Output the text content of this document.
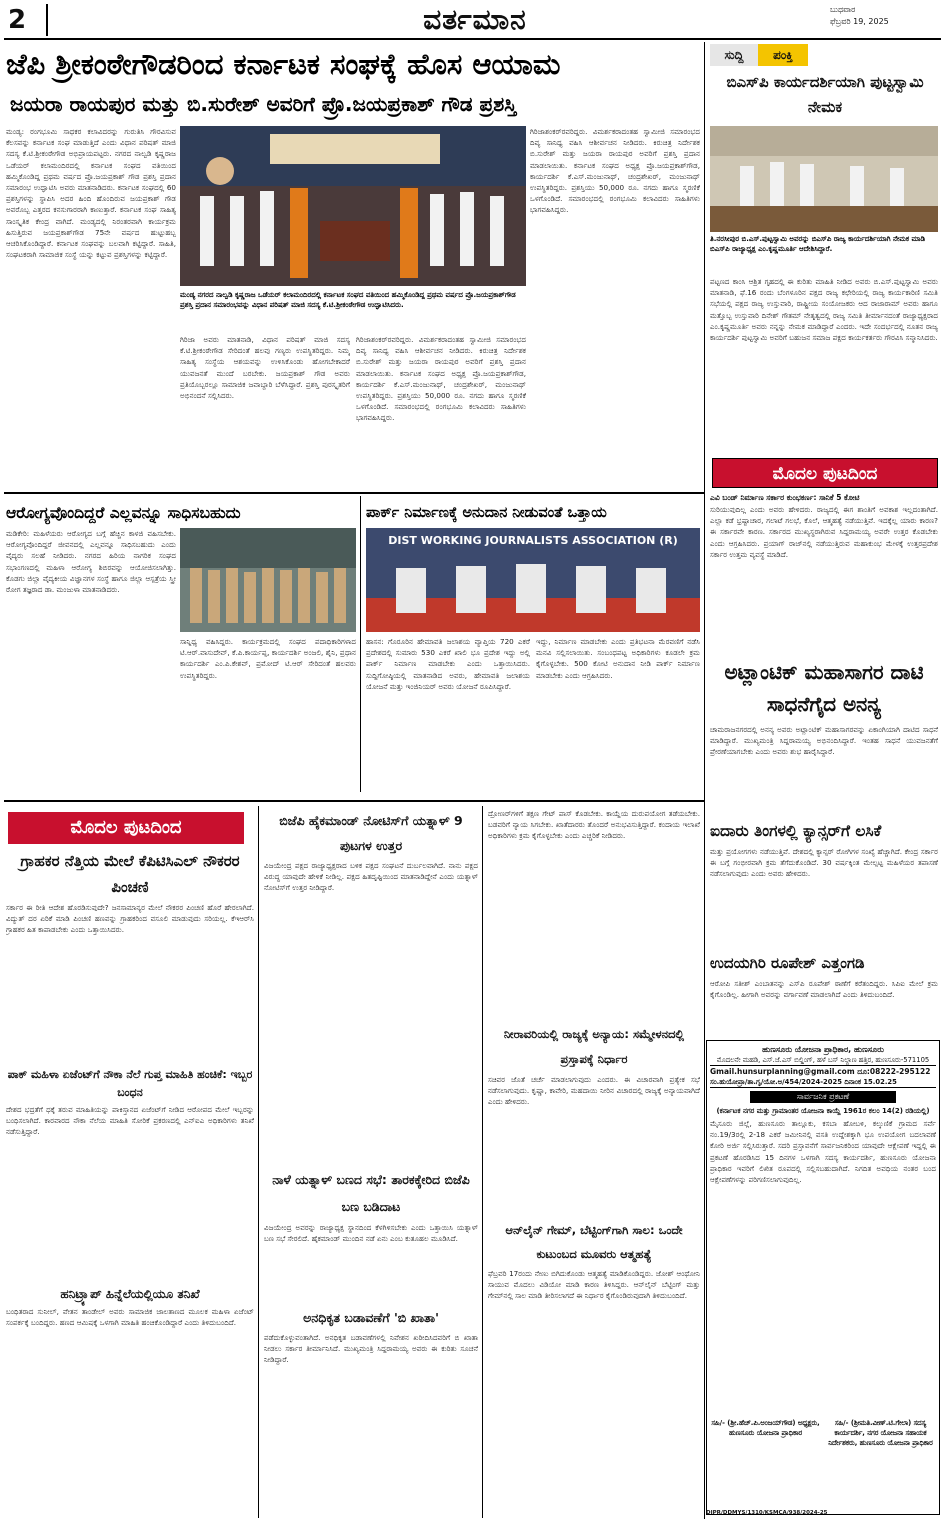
2	ವರ್ತಮಾನ	ಬುಧವಾರ
ಫೆಬ್ರವರಿ 19, 2025
ಜೆಪಿ ಶ್ರೀಕಂಠೇಗೌಡರಿಂದ ಕರ್ನಾಟಕ ಸಂಘಕ್ಕೆ ಹೊಸ ಆಯಾಮ
ಜಯರಾ ರಾಯಪುರ ಮತ್ತು ಬಿ.ಸುರೇಶ್ ಅವರಿಗೆ ಪ್ರೊ.ಜಯಪ್ರಕಾಶ್ ಗೌಡ ಪ್ರಶಸ್ತಿ
ಮಂಡ್ಯ: ರಂಗಭೂಮಿ ಸಾಧಕರ ಕಲಾವಿದರನ್ನು ಗುರುತಿಸಿ ಗೌರವಿಸುವ ಕೆಲಸವನ್ನು ಕರ್ನಾಟಕ ಸಂಘ ಮಾಡುತ್ತಿದೆ ಎಂದು ವಿಧಾನ ಪರಿಷತ್ ಮಾಜಿ ಸದಸ್ಯ ಕೆ.ಟಿ.ಶ್ರೀಕಂಠೇಗೌಡ ಅಭಿಪ್ರಾಯಪಟ್ಟರು. ನಗರದ ನಾಲ್ವಡಿ ಕೃಷ್ಣರಾಜ ಒಡೆಯರ್ ಕಲಾಮಂದಿರದಲ್ಲಿ ಕರ್ನಾಟಕ ಸಂಘದ ವತಿಯಿಂದ ಹಮ್ಮಿಕೊಂಡಿದ್ದ ಪ್ರಥಮ ವರ್ಷದ ಪ್ರೊ.ಜಯಪ್ರಕಾಶ್ ಗೌಡ ಪ್ರಶಸ್ತಿ ಪ್ರದಾನ ಸಮಾರಂಭ ಉದ್ಘಾಟಿಸಿ ಅವರು ಮಾತನಾಡಿದರು. ಕರ್ನಾಟಕ ಸಂಘದಲ್ಲಿ 60 ಪ್ರಶಸ್ತಿಗಳನ್ನು ಸ್ಥಾಪಿಸಿ ಅದರ ಹಿಂದಿ ಹೊಂದಿರುವ ಜಯಪ್ರಕಾಶ್ ಗೌಡ ಅವರೊಬ್ಬ ಎತ್ತರದ ಕನಸುಗಾರರಾಗಿ ಕಾಣುತ್ತಾರೆ. ಕರ್ನಾಟಕ ಸಂಘ ಸಾಹಿತ್ಯ ಸಾಂಸ್ಕೃತಿಕ ಕೇಂದ್ರ ವಾಗಿದೆ. ಮಂಡ್ಯದಲ್ಲಿ ನಿರಂತರವಾಗಿ ಕಾರ್ಯಕ್ರಮ ಹಿಸುತ್ತಿರುವ ಜಯಪ್ರಕಾಶ್‌ಗೌಡ 75ನೇ ವರ್ಷದ ಹುಟ್ಟುಹಬ್ಬ ಆಚರಿಸಿಕೊಂಡಿದ್ದಾರೆ. ಕರ್ನಾಟಕ ಸಂಘವನ್ನು ಬಲವಾಗಿ ಕಟ್ಟಿದ್ದಾರೆ. ಸಾಹಿತಿ, ಸಂಘಟಕರಾಗಿ ಸಾಮಾಜಿಕ ಸಂಸ್ಥೆ ಯನ್ನು ಕಟ್ಟುವ ಪ್ರಶಸ್ತಿಗಳನ್ನು ಕಟ್ಟಿದ್ದಾರೆ.
ಮಂಡ್ಯ ನಗರದ ನಾಲ್ವಡಿ ಕೃಷ್ಣರಾಜ ಒಡೆಯರ್ ಕಲಾಮಂದಿರದಲ್ಲಿ ಕರ್ನಾಟಕ ಸಂಘದ ವತಿಯಿಂದ ಹಮ್ಮಿಕೊಂಡಿದ್ದ ಪ್ರಥಮ ವರ್ಷದ ಪ್ರೊ.ಜಯಪ್ರಕಾಶ್‌ಗೌಡ ಪ್ರಶಸ್ತಿ ಪ್ರದಾನ ಸಮಾರಂಭವನ್ನು ವಿಧಾನ ಪರಿಷತ್ ಮಾಜಿ ಸದಸ್ಯ ಕೆ.ಟಿ.ಶ್ರೀಕಂಠೇಗೌಡ ಉದ್ಘಾಟಿಸಿದರು.
ಗಿರಿಜಾ ಅವರು ಮಾತನಾಡಿ, ವಿಧಾನ ಪರಿಷತ್ ಮಾಜಿ ಸದಸ್ಯ ಕೆ.ಟಿ.ಶ್ರೀಕಂಠೇಗೌಡ ಸೇರಿದಂತೆ ಹಲವು ಗಣ್ಯರು ಉಪಸ್ಥಿತರಿದ್ದರು. ನಿಮ್ಮ ಸಾಹಿತ್ಯ ಸಂಸ್ಥೆಯ ಆಶಯವನ್ನು ಉಳಿಸಿಕೊಂಡು ಹೋಗಬೇಕಾದರೆ ಯುವಜನತೆ ಮುಂದೆ ಬರಬೇಕು. ಜಯಪ್ರಕಾಶ್ ಗೌಡ ಅವರು ಪ್ರತಿಯೊಬ್ಬರಲ್ಲೂ ಸಾಮಾಜಿಕ ಜವಾಬ್ದಾರಿ ಬೆಳೆಸಿದ್ದಾರೆ. ಪ್ರಶಸ್ತಿ ಪುರಸ್ಕೃತರಿಗೆ ಅಭಿನಂದನೆ ಸಲ್ಲಿಸಿದರು.
ಗಿರಿಜಾಶಂಕರ್‌ರವರಿದ್ದರು. ವಿಮರ್ಶಕರಾದಂತಹ ಸ್ವಾಮೀಜಿ ಸಮಾರಂಭದ ದಿವ್ಯ ಸಾನಿಧ್ಯ ವಹಿಸಿ ಆಶೀರ್ವಚನ ನೀಡಿದರು. ಕಿರುಚಿತ್ರ ನಿರ್ದೇಶಕ ಬಿ.ಸುರೇಶ್ ಮತ್ತು ಜಯರಾ ರಾಯಪುರ ಅವರಿಗೆ ಪ್ರಶಸ್ತಿ ಪ್ರದಾನ ಮಾಡಲಾಯಿತು. ಕರ್ನಾಟಕ ಸಂಘದ ಅಧ್ಯಕ್ಷ ಪ್ರೊ.ಜಯಪ್ರಕಾಶ್‌ಗೌಡ, ಕಾರ್ಯದರ್ಶಿ ಕೆ.ಎಸ್.ಮಂಜುನಾಥ್, ಚಂದ್ರಶೇಖರ್, ಮಂಜುನಾಥ್ ಉಪಸ್ಥಿತರಿದ್ದರು. ಪ್ರಶಸ್ತಿಯು 50,000 ರೂ. ನಗದು ಹಾಗೂ ಸ್ಮರಣಿಕೆ ಒಳಗೊಂಡಿದೆ. ಸಮಾರಂಭದಲ್ಲಿ ರಂಗಭೂಮಿ ಕಲಾವಿದರು ಸಾಹಿತಿಗಳು ಭಾಗವಹಿಸಿದ್ದರು.
ಗಿರಿಜಾಶಂಕರ್‌ರವರಿದ್ದರು. ವಿಮರ್ಶಕರಾದಂತಹ ಸ್ವಾಮೀಜಿ ಸಮಾರಂಭದ ದಿವ್ಯ ಸಾನಿಧ್ಯ ವಹಿಸಿ ಆಶೀರ್ವಚನ ನೀಡಿದರು. ಕಿರುಚಿತ್ರ ನಿರ್ದೇಶಕ ಬಿ.ಸುರೇಶ್ ಮತ್ತು ಜಯರಾ ರಾಯಪುರ ಅವರಿಗೆ ಪ್ರಶಸ್ತಿ ಪ್ರದಾನ ಮಾಡಲಾಯಿತು. ಕರ್ನಾಟಕ ಸಂಘದ ಅಧ್ಯಕ್ಷ ಪ್ರೊ.ಜಯಪ್ರಕಾಶ್‌ಗೌಡ, ಕಾರ್ಯದರ್ಶಿ ಕೆ.ಎಸ್.ಮಂಜುನಾಥ್, ಚಂದ್ರಶೇಖರ್, ಮಂಜುನಾಥ್ ಉಪಸ್ಥಿತರಿದ್ದರು. ಪ್ರಶಸ್ತಿಯು 50,000 ರೂ. ನಗದು ಹಾಗೂ ಸ್ಮರಣಿಕೆ ಒಳಗೊಂಡಿದೆ. ಸಮಾರಂಭದಲ್ಲಿ ರಂಗಭೂಮಿ ಕಲಾವಿದರು ಸಾಹಿತಿಗಳು ಭಾಗವಹಿಸಿದ್ದರು.
ಸುದ್ದಿ	ಪಂಕ್ತಿ
ಬಿಎಸ್‌ಪಿ ಕಾರ್ಯದರ್ಶಿಯಾಗಿ ಪುಟ್ಟಸ್ವಾಮಿ ನೇಮಕ
ತಿ.ನರಸೀಪುರ ಬಿ.ಎಸ್.ಪುಟ್ಟಸ್ವಾಮಿ ಅವರನ್ನು ಬಿಎಸ್‌ಪಿ ರಾಜ್ಯ ಕಾರ್ಯದರ್ಶಿಯಾಗಿ ನೇಮಕ ಮಾಡಿ ಬಿಎಸ್‌ಪಿ ರಾಜ್ಯಾಧ್ಯಕ್ಷ ಎಂ.ಕೃಷ್ಣಮೂರ್ತಿ ಆದೇಶಿಸಿದ್ದಾರೆ.
ಪಟ್ಟಣದ ಕಾಂಸಿ ಆಶ್ರಿತ ಗೃಹದಲ್ಲಿ ಈ ಕುರಿತು ಮಾಹಿತಿ ನೀಡಿದ ಅವರು ಬಿ.ಎಸ್.ಪುಟ್ಟಸ್ವಾಮಿ ಅವರು ಮಾತನಾಡಿ, ಫೆ.16 ರಂದು ಬೆಂಗಳೂರಿನ ಪಕ್ಷದ ರಾಜ್ಯ ಕಛೇರಿಯಲ್ಲಿ ರಾಜ್ಯ ಕಾರ್ಯಕಾರಿಣಿ ಸಮಿತಿ ಸಭೆಯಲ್ಲಿ ಪಕ್ಷದ ರಾಜ್ಯ ಉಸ್ತುವಾರಿ, ರಾಷ್ಟ್ರೀಯ ಸಂಯೋಜಕರು ಆದ ರಾಜಾರಾಮ್ ಅವರು ಹಾಗೂ ಮತ್ತೊಬ್ಬ ಉಸ್ತುವಾರಿ ದಿನೇಶ್ ಗೌತಮ್ ನೇತೃತ್ವದಲ್ಲಿ ರಾಜ್ಯ ಸಮಿತಿ ತೀರ್ಮಾನದಂತೆ ರಾಜ್ಯಾಧ್ಯಕ್ಷರಾದ ಎಂ.ಕೃಷ್ಣಮೂರ್ತಿ ಅವರು ನನ್ನನ್ನು ನೇಮಕ ಮಾಡಿದ್ದಾರೆ ಎಂದರು. ಇದೇ ಸಂದರ್ಭದಲ್ಲಿ ನೂತನ ರಾಜ್ಯ ಕಾರ್ಯದರ್ಶಿ ಪುಟ್ಟಸ್ವಾಮಿ ಅವರಿಗೆ ಬಹುಜನ ಸಮಾಜ ಪಕ್ಷದ ಕಾರ್ಯಕರ್ತರು ಗೌರವಿಸಿ ಸನ್ಮಾನಿಸಿದರು.
ಮೊದಲ ಪುಟದಿಂದ
ಎವಿ ಬಂಡ್ ನಿರ್ಮಾಣ ಸರ್ಕಾರ ಕುಂಭಕರ್ಣ: ಸಾನಿಕೆ 5 ಕೋಟಿ
ಸುರಿಯುವುದಿಲ್ಲ ಎಂದು ಅವರು ಹೇಳಿದರು. ರಾಜ್ಯದಲ್ಲಿ ಈಗ ಶಾಂತಿಗೆ ಅವಕಾಶ ಇಲ್ಲದಂತಾಗಿದೆ. ಎಲ್ಲಾ ಕಡೆ ಭ್ರಷ್ಟಾಚಾರ, ಗಲಾಟೆ ಗಲಭೆ, ಕೊಲೆ, ಆತ್ಮಹತ್ಯೆ ನಡೆಯುತ್ತಿವೆ. ಇದಕ್ಕೆಲ್ಲ ಯಾರು ಕಾರಣ? ಈ ಸರ್ಕಾರವೇ ಕಾರಣ. ಸರ್ಕಾರದ ಮುಖ್ಯಸ್ಥರಾಗಿರುವ ಸಿದ್ದರಾಮಯ್ಯ ಅವರೇ ಉತ್ತರ ಕೊಡಬೇಕು ಎಂದು ಆಗ್ರಹಿಸಿದರು. ಪ್ರಯಾಗ್ ರಾಜ್‌ನಲ್ಲಿ ನಡೆಯುತ್ತಿರುವ ಮಹಾಕುಂಭ ಮೇಳಕ್ಕೆ ಉತ್ತರಪ್ರದೇಶ ಸರ್ಕಾರ ಉತ್ತಮ ವ್ಯವಸ್ಥೆ ಮಾಡಿದೆ.
ಅಟ್ಲಾಂಟಿಕ್ ಮಹಾಸಾಗರ ದಾಟಿ ಸಾಧನೆಗೈದ ಅನನ್ಯ
ಚಾಮರಾಜನಗರದಲ್ಲಿ ಅನನ್ಯ ಅವರು ಅಟ್ಲಾಂಟಿಕ್ ಮಹಾಸಾಗರವನ್ನು ಏಕಾಂಗಿಯಾಗಿ ದಾಟಿದ ಸಾಧನೆ ಮಾಡಿದ್ದಾರೆ. ಮುಖ್ಯಮಂತ್ರಿ ಸಿದ್ದರಾಮಯ್ಯ ಅಭಿನಂದಿಸಿದ್ದಾರೆ. ಇಂತಹ ಸಾಧನೆ ಯುವಜನತೆಗೆ ಪ್ರೇರಣೆಯಾಗಬೇಕು ಎಂದು ಅವರು ಶುಭ ಹಾರೈಸಿದ್ದಾರೆ.
ಐದಾರು ತಿಂಗಳಲ್ಲಿ ಕ್ಯಾನ್ಸರ್‌ಗೆ ಲಸಿಕೆ
ಮತ್ತು ಪ್ರಯೋಗಗಳು ನಡೆಯುತ್ತಿವೆ. ದೇಶದಲ್ಲಿ ಕ್ಯಾನ್ಸರ್ ರೋಗಿಗಳ ಸಂಖ್ಯೆ ಹೆಚ್ಚಾಗಿದೆ. ಕೇಂದ್ರ ಸರ್ಕಾರ ಈ ಬಗ್ಗೆ ಗಂಭೀರವಾಗಿ ಕ್ರಮ ತೆಗೆದುಕೊಂಡಿದೆ. 30 ವರ್ಷಕ್ಕಿಂತ ಮೇಲ್ಪಟ್ಟ ಮಹಿಳೆಯರ ತಪಾಸಣೆ ನಡೆಸಲಾಗುವುದು ಎಂದು ಅವರು ಹೇಳಿದರು.
ಉದಯಗಿರಿ ರೂಪೇಶ್ ಎತ್ತಂಗಡಿ
ಆರೋಪಿ ಸತೀಶ್ ಎಂಬಾತನನ್ನು ಎಸ್‌ಪಿ ರೂಪೇಶ್ ಠಾಣೆಗೆ ಕರೆತಂದಿದ್ದರು. ಸಿಪಿಐ ಮೇಲೆ ಕ್ರಮ ಕೈಗೊಂಡಿಲ್ಲ. ಹೀಗಾಗಿ ಅವರನ್ನು ವರ್ಗಾವಣೆ ಮಾಡಲಾಗಿದೆ ಎಂದು ತಿಳಿದುಬಂದಿದೆ.
ಹುಣಸೂರು ಯೋಜನಾ ಪ್ರಾಧಿಕಾರ, ಹುಣಸೂರು
ಮೊದಲನೇ ಮಹಡಿ, ಎಸ್.ಜೆ.ಎಸ್ ಬಿಲ್ಡಿಂಗ್, ಹಳೆ ಬಸ್ ನಿಲ್ದಾಣ ಹತ್ತಿರ, ಹುಣಸೂರು-571105
Gmail.hunsurplanning@gmail.com ದೂ:08222-295122
ಸಂ.ಹುಯೋಪ್ರಾ/ತಾ.ಗೃ/ಯೋ.ಅ/454/2024-2025 ದಿನಾಂಕ 15.02.25
ಸಾರ್ವಜನಿಕ ಪ್ರಕಟಣೆ
(ಕರ್ನಾಟಕ ನಗರ ಮತ್ತು ಗ್ರಾಮಾಂತರ ಯೋಜನಾ ಕಾಯ್ದೆ 1961ರ ಕಲಂ 14(2) ರಡಿಯಲ್ಲಿ)
ಮೈಸೂರು ಜಿಲ್ಲೆ, ಹುಣಸೂರು ತಾಲ್ಲೂಕು, ಕಸಬಾ ಹೋಬಳಿ, ಕಲ್ಕುಣಿಕೆ ಗ್ರಾಮದ ಸರ್ವೆ ನಂ.19/3ರಲ್ಲಿ 2-18 ಎಕರೆ ಜಮೀನಿನಲ್ಲಿ ವಸತಿ ಉದ್ದೇಶಕ್ಕಾಗಿ ಭೂ ಉಪಯೋಗ ಬದಲಾವಣೆ ಕೋರಿ ಅರ್ಜಿ ಸಲ್ಲಿಸಿರುತ್ತಾರೆ. ಸದರಿ ಪ್ರಸ್ತಾವನೆಗೆ ಸಾರ್ವಜನಿಕರಿಂದ ಯಾವುದೇ ಆಕ್ಷೇಪಣೆ ಇದ್ದಲ್ಲಿ ಈ ಪ್ರಕಟಣೆ ಹೊರಡಿಸಿದ 15 ದಿನಗಳ ಒಳಗಾಗಿ ಸದಸ್ಯ ಕಾರ್ಯದರ್ಶಿ, ಹುಣಸೂರು ಯೋಜನಾ ಪ್ರಾಧಿಕಾರ ಇವರಿಗೆ ಲಿಖಿತ ರೂಪದಲ್ಲಿ ಸಲ್ಲಿಸಬಹುದಾಗಿದೆ. ನಿಗದಿತ ಅವಧಿಯ ನಂತರ ಬಂದ ಆಕ್ಷೇಪಣೆಗಳನ್ನು ಪರಿಗಣಿಸಲಾಗುವುದಿಲ್ಲ.
ಸಹಿ/- (ಶ್ರೀ.ಹೆಚ್.ಪಿ.ಅಂಜಯ್‌ಗೌಡ) ಅಧ್ಯಕ್ಷರು, ಹುಣಸೂರು ಯೋಜನಾ ಪ್ರಾಧಿಕಾರ
ಸಹಿ/- (ಶ್ರೀಮತಿ.ವೀಣ್.ಟಿ.ಗೇಲಾ) ಸದಸ್ಯ ಕಾರ್ಯದರ್ಶಿ, ನಗರ ಯೋಜನಾ ಸಹಾಯಕ ನಿರ್ದೇಶಕರು, ಹುಣಸೂರು ಯೋಜನಾ ಪ್ರಾಧಿಕಾರ
DIPR/DDMYS/1310/KSMCA/938/2024-25
ಆರೋಗ್ಯವೊಂದಿದ್ದರೆ ಎಲ್ಲವನ್ನೂ ಸಾಧಿಸಬಹುದು
ಮಡಿಕೇರಿ: ಮಹಿಳೆಯರು ಆರೋಗ್ಯದ ಬಗ್ಗೆ ಹೆಚ್ಚಿನ ಕಾಳಜಿ ವಹಿಸಬೇಕು. ಆರೋಗ್ಯವೊಂದಿದ್ದರೆ ಜೀವನದಲ್ಲಿ ಎಲ್ಲವನ್ನೂ ಸಾಧಿಸಬಹುದು ಎಂದು ವೈದ್ಯರು ಸಲಹೆ ನೀಡಿದರು. ನಗರದ ಹಿರಿಯ ನಾಗರಿಕ ಸಂಘದ ಸಭಾಂಗಣದಲ್ಲಿ ಮಹಿಳಾ ಆರೋಗ್ಯ ಶಿಬಿರವನ್ನು ಆಯೋಜಿಸಲಾಗಿತ್ತು. ಕೊಡಗು ಜಿಲ್ಲಾ ವೈದ್ಯಕೀಯ ವಿಜ್ಞಾನಗಳ ಸಂಸ್ಥೆ ಹಾಗೂ ಜಿಲ್ಲಾ ಆಸ್ಪತ್ರೆಯ ಸ್ತ್ರೀ ರೋಗ ತಜ್ಞರಾದ ಡಾ. ಮಂಜುಳಾ ಮಾತನಾಡಿದರು.
ಸಾನ್ನಿಧ್ಯ ವಹಿಸಿದ್ದರು. ಕಾರ್ಯಕ್ರಮದಲ್ಲಿ ಸಂಘದ ಪದಾಧಿಕಾರಿಗಳಾದ ಟಿ.ಆರ್.ವಾಸುದೇವ್, ಕೆ.ಪಿ.ಕಾರ್ಯಪ್ಪ, ಕಾರ್ಯದರ್ಶಿ ಅಂಜಲಿ, ಶೈನಿ, ಪ್ರಧಾನ ಕಾರ್ಯದರ್ಶಿ ಎಂ.ಪಿ.ಕೇಶವ್, ಪ್ರಮೋದ್ ಟಿ.ಆರ್ ಸೇರಿದಂತೆ ಹಲವರು ಉಪಸ್ಥಿತರಿದ್ದರು.
ಪಾರ್ಕ್ ನಿರ್ಮಾಣಕ್ಕೆ ಅನುದಾನ ನೀಡುವಂತೆ ಒತ್ತಾಯ
DIST WORKING JOURNALISTS ASSOCIATION (R)
ಹಾಸನ: ಗೊರೂರಿನ ಹೇಮಾವತಿ ಜಲಾಶಯ ವ್ಯಾಪ್ತಿಯ 720 ಎಕರೆ ಪ್ರದೇಶದಲ್ಲಿ ಸುಮಾರು 530 ಎಕರೆ ಖಾಲಿ ಭೂ ಪ್ರದೇಶ ಇದ್ದು ಅಲ್ಲಿ ಪಾರ್ಕ್ ನಿರ್ಮಾಣ ಮಾಡಬೇಕು ಎಂದು ಒತ್ತಾಯಿಸಿದರು. ಸುದ್ದಿಗೋಷ್ಠಿಯಲ್ಲಿ ಮಾತನಾಡಿದ ಅವರು, ಹೇಮಾವತಿ ಜಲಾಶಯ ಯೋಜನೆ ಮತ್ತು ಇಂಜಿನಿಯರ್ ಅವರು ಯೋಜನೆ ರೂಪಿಸಿದ್ದಾರೆ.
ಇದ್ದು, ನಿರ್ಮಾಣ ಮಾಡಬೇಕು ಎಂದು ಪ್ರತಿಭಟನಾ ಮೆರವಣಿಗೆ ನಡೆಸಿ ಮನವಿ ಸಲ್ಲಿಸಲಾಯಿತು. ಸಂಬಂಧಪಟ್ಟ ಅಧಿಕಾರಿಗಳು ಕೂಡಲೇ ಕ್ರಮ ಕೈಗೊಳ್ಳಬೇಕು. 500 ಕೋಟಿ ಅನುದಾನ ನೀಡಿ ಪಾರ್ಕ್ ನಿರ್ಮಾಣ ಮಾಡಬೇಕು ಎಂದು ಆಗ್ರಹಿಸಿದರು.
ಮೊದಲ ಪುಟದಿಂದ
ಗ್ರಾಹಕರ ನೆತ್ತಿಯ ಮೇಲೆ ಕೆಪಿಟಿಸಿಎಲ್ ನೌಕರರ ಪಿಂಚಣಿ
ಸರ್ಕಾರ ಈ ರೀತಿ ಆದೇಶ ಹೊರಡಿಸುವುದೇ? ಜನಸಾಮಾನ್ಯರ ಮೇಲೆ ನೌಕರರ ಪಿಂಚಣಿ ಹೊರೆ ಹೇರಲಾಗಿದೆ. ವಿದ್ಯುತ್ ದರ ಏರಿಕೆ ಮಾಡಿ ಪಿಂಚಣಿ ಹಣವನ್ನು ಗ್ರಾಹಕರಿಂದ ವಸೂಲಿ ಮಾಡುವುದು ಸರಿಯಲ್ಲ. ಕೆಇಆರ್‌ಸಿ ಗ್ರಾಹಕರ ಹಿತ ಕಾಪಾಡಬೇಕು ಎಂದು ಒತ್ತಾಯಿಸಿದರು.
ಪಾಕ್ ಮಹಿಳಾ ಏಜೆಂಟ್‌ಗೆ ನೌಕಾ ನೆಲೆ ಗುಪ್ತ ಮಾಹಿತಿ ಹಂಚಿಕೆ: ಇಬ್ಬರ ಬಂಧನ
ದೇಶದ ಭದ್ರತೆಗೆ ಧಕ್ಕೆ ತರುವ ಮಾಹಿತಿಯನ್ನು ಪಾಕಿಸ್ತಾನದ ಏಜೆಂಟ್‌ಗೆ ನೀಡಿದ ಆರೋಪದ ಮೇಲೆ ಇಬ್ಬರನ್ನು ಬಂಧಿಸಲಾಗಿದೆ. ಕಾರವಾರದ ನೌಕಾ ನೆಲೆಯ ಮಾಹಿತಿ ಸೋರಿಕೆ ಪ್ರಕರಣದಲ್ಲಿ ಎನ್‌ಐಎ ಅಧಿಕಾರಿಗಳು ತನಿಖೆ ನಡೆಸುತ್ತಿದ್ದಾರೆ.
ಹನಿಟ್ರ್ಯಾಪ್ ಹಿನ್ನೆಲೆಯಲ್ಲಿಯೂ ತನಿಖೆ
ಬಂಧಿತರಾದ ಸುನೀಲ್, ವೇತನ ತಾಂಡೇಲ್ ಅವರು ಸಾಮಾಜಿಕ ಜಾಲತಾಣದ ಮೂಲಕ ಮಹಿಳಾ ಏಜೆಂಟ್ ಸಂಪರ್ಕಕ್ಕೆ ಬಂದಿದ್ದರು. ಹಣದ ಆಮಿಷಕ್ಕೆ ಒಳಗಾಗಿ ಮಾಹಿತಿ ಹಂಚಿಕೊಂಡಿದ್ದಾರೆ ಎಂದು ತಿಳಿದುಬಂದಿದೆ.
ಬಿಜೆಪಿ ಹೈಕಮಾಂಡ್ ನೋಟಿಸ್‌ಗೆ ಯತ್ನಾಳ್ 9 ಪುಟಗಳ ಉತ್ತರ
ವಿಜಯೇಂದ್ರ ಪಕ್ಷದ ರಾಜ್ಯಾಧ್ಯಕ್ಷರಾದ ಬಳಿಕ ಪಕ್ಷದ ಸಂಘಟನೆ ದುರ್ಬಲವಾಗಿದೆ. ನಾನು ಪಕ್ಷದ ವಿರುದ್ಧ ಯಾವುದೇ ಹೇಳಿಕೆ ನೀಡಿಲ್ಲ. ಪಕ್ಷದ ಹಿತದೃಷ್ಟಿಯಿಂದ ಮಾತನಾಡಿದ್ದೇನೆ ಎಂದು ಯತ್ನಾಳ್ ನೋಟಿಸ್‌ಗೆ ಉತ್ತರ ನೀಡಿದ್ದಾರೆ.
ನಾಳೆ ಯತ್ನಾಳ್ ಬಣದ ಸಭೆ: ತಾರಕಕ್ಕೇರಿದ ಬಿಜೆಪಿ ಬಣ ಬಡಿದಾಟ
ವಿಜಯೇಂದ್ರ ಅವರನ್ನು ರಾಜ್ಯಾಧ್ಯಕ್ಷ ಸ್ಥಾನದಿಂದ ಕೆಳಗಿಳಿಸಬೇಕು ಎಂದು ಒತ್ತಾಯಿಸಿ ಯತ್ನಾಳ್ ಬಣ ಸಭೆ ಸೇರಲಿದೆ. ಹೈಕಮಾಂಡ್ ಮುಂದಿನ ನಡೆ ಏನು ಎಂಬ ಕುತೂಹಲ ಮೂಡಿಸಿದೆ.
ಅನಧಿಕೃತ ಬಡಾವಣೆಗೆ 'ಬಿ ಖಾತಾ'
ಪಡೆದುಕೊಳ್ಳುವಂತಾಗಿದೆ. ಅನಧಿಕೃತ ಬಡಾವಣೆಗಳಲ್ಲಿ ನಿವೇಶನ ಖರೀದಿಸಿದವರಿಗೆ ಬಿ ಖಾತಾ ನೀಡಲು ಸರ್ಕಾರ ತೀರ್ಮಾನಿಸಿದೆ. ಮುಖ್ಯಮಂತ್ರಿ ಸಿದ್ದರಾಮಯ್ಯ ಅವರು ಈ ಕುರಿತು ಸೂಚನೆ ನೀಡಿದ್ದಾರೆ.
ದ್ರೋಣರ್‌ಗಳಿಗೆ ತಕ್ಷಣ ಗೇಟ್ ಪಾಸ್ ಕೊಡಬೇಕು. ಕಾಯ್ದೆಯ ದುರುಪಯೋಗ ತಡೆಯಬೇಕು. ಬಡವರಿಗೆ ನ್ಯಾಯ ಸಿಗಬೇಕು. ಖಾತೆದಾರರು ತೊಂದರೆ ಅನುಭವಿಸುತ್ತಿದ್ದಾರೆ. ಕಂದಾಯ ಇಲಾಖೆ ಅಧಿಕಾರಿಗಳು ಕ್ರಮ ಕೈಗೊಳ್ಳಬೇಕು ಎಂದು ಎಚ್ಚರಿಕೆ ನೀಡಿದರು.
ನೀರಾವರಿಯಲ್ಲಿ ರಾಜ್ಯಕ್ಕೆ ಅನ್ಯಾಯ: ಸಮ್ಮೇಳನದಲ್ಲಿ ಪ್ರಸ್ತಾಪಕ್ಕೆ ನಿರ್ಧಾರ
ಸಚಿವರ ಜೊತೆ ಚರ್ಚೆ ಮಾಡಲಾಗುವುದು ಎಂದರು. ಈ ವಿಚಾರವಾಗಿ ಪ್ರತ್ಯೇಕ ಸಭೆ ನಡೆಸಲಾಗುವುದು. ಕೃಷ್ಣಾ, ಕಾವೇರಿ, ಮಹದಾಯಿ ನೀರಿನ ವಿಚಾರದಲ್ಲಿ ರಾಜ್ಯಕ್ಕೆ ಅನ್ಯಾಯವಾಗಿದೆ ಎಂದು ಹೇಳಿದರು.
ಆನ್‌ಲೈನ್ ಗೇಮ್, ಬೆಟ್ಟಿಂಗ್‌ಗಾಗಿ ಸಾಲ: ಒಂದೇ ಕುಟುಂಬದ ಮೂವರು ಆತ್ಮಹತ್ಯೆ
ಫೆಬ್ರವರಿ 17ರಂದು ನೇಣು ಬಿಗಿದುಕೊಂಡು ಆತ್ಮಹತ್ಯೆ ಮಾಡಿಕೊಂಡಿದ್ದರು. ಜೋಶ್ ಆಂಥೋನಿ ಸಾಯುವ ಮೊದಲು ವಿಡಿಯೋ ಮಾಡಿ ಕಾರಣ ತಿಳಿಸಿದ್ದರು. ಆನ್‌ಲೈನ್ ಬೆಟ್ಟಿಂಗ್ ಮತ್ತು ಗೇಮ್‌ನಲ್ಲಿ ಸಾಲ ಮಾಡಿ ತೀರಿಸಲಾಗದೆ ಈ ನಿರ್ಧಾರ ಕೈಗೊಂಡಿರುವುದಾಗಿ ತಿಳಿದುಬಂದಿದೆ.
